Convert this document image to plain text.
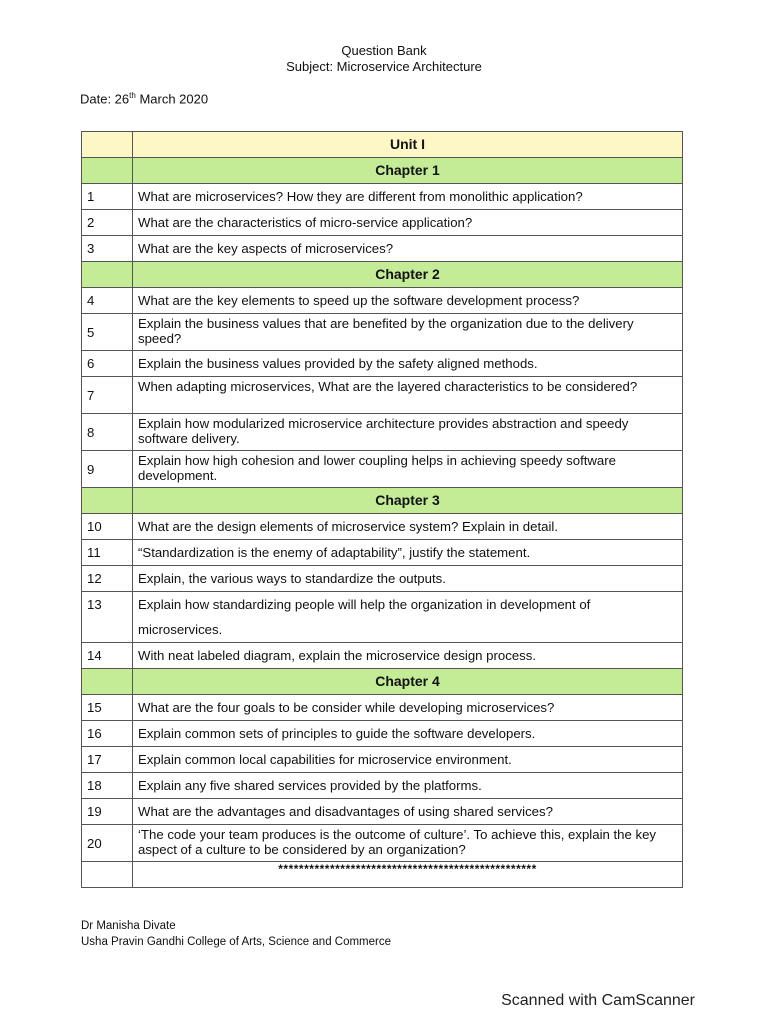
Question Bank
Subject: Microservice Architecture
Date: 26th March 2020
	Unit I
	Chapter 1
1	What are microservices? How they are different from monolithic application?
2	What are the characteristics of micro-service application?
3	What are the key aspects of microservices?
	Chapter 2
4	What are the key elements to speed up the software development process?
5	Explain the business values that are benefited by the organization due to the delivery speed?
6	Explain the business values provided by the safety aligned methods.
7	When adapting microservices, What are the layered characteristics to be considered?
8	Explain how modularized microservice architecture provides abstraction and speedy software delivery.
9	Explain how high cohesion and lower coupling helps in achieving speedy software development.
	Chapter 3
10	What are the design elements of microservice system? Explain in detail.
11	“Standardization is the enemy of adaptability”, justify the statement.
12	Explain, the various ways to standardize the outputs.
13	Explain how standardizing people will help the organization in development of microservices.
14	With neat labeled diagram, explain the microservice design process.
	Chapter 4
15	What are the four goals to be consider while developing microservices?
16	Explain common sets of principles to guide the software developers.
17	Explain common local capabilities for microservice environment.
18	Explain any five shared services provided by the platforms.
19	What are the advantages and disadvantages of using shared services?
20	‘The code your team produces is the outcome of culture’. To achieve this, explain the key aspect of a culture to be considered by an organization?
	**************************************************
Dr Manisha Divate
Usha Pravin Gandhi College of Arts, Science and Commerce
Scanned with CamScanner
